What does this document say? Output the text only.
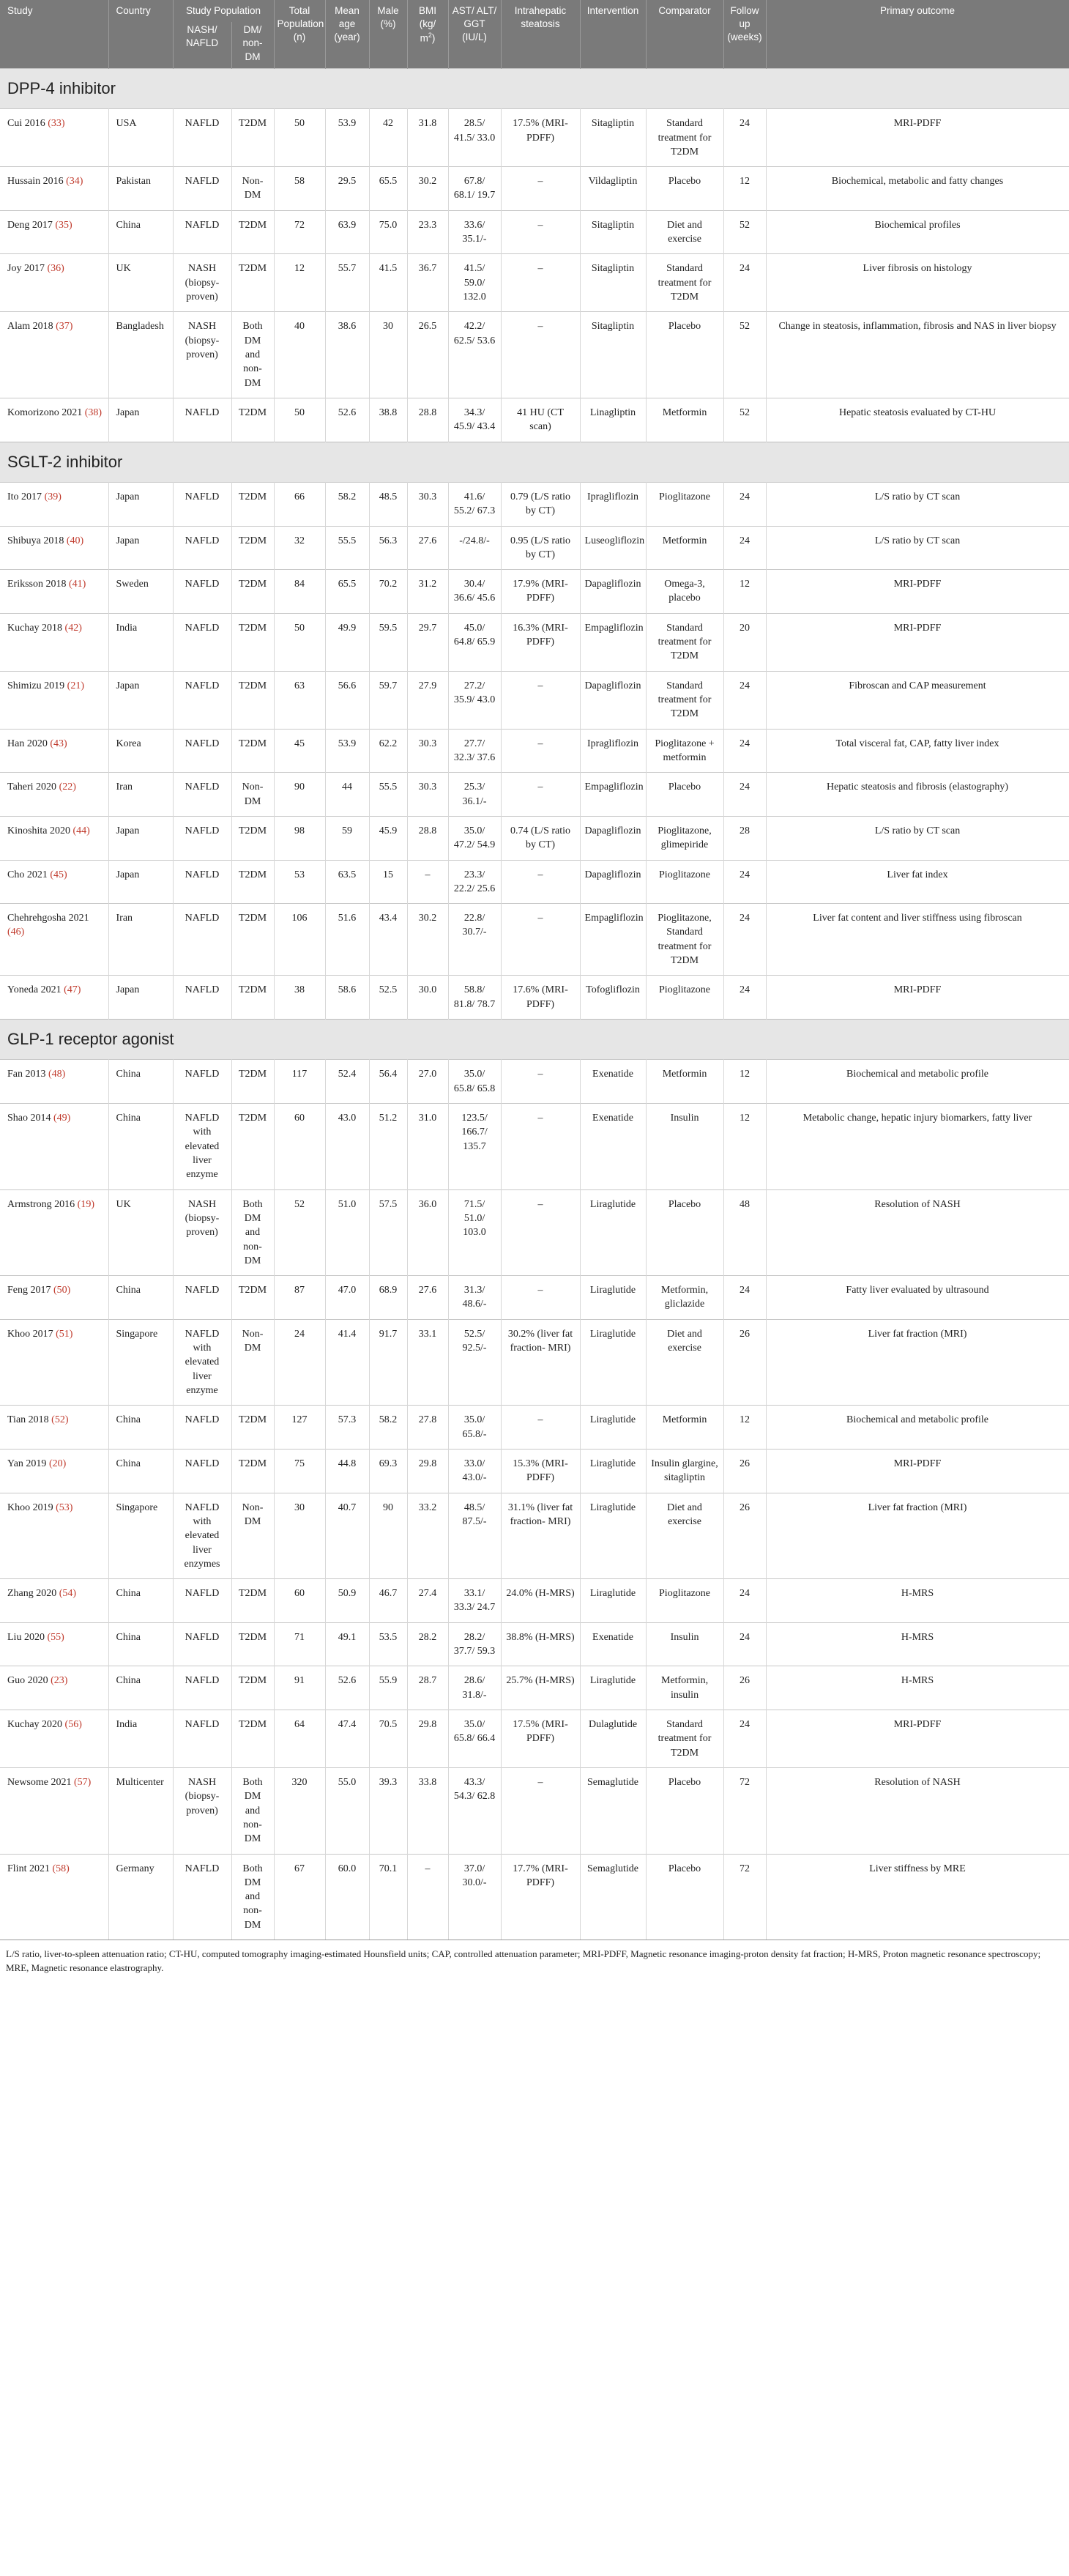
Study	Country	Study Population		Total Population (n)	Mean age (year)	Male (%)	BMI (kg/ $m^2$)	AST/ ALT/ GGT (IU/L)	Intrahepatic steatosis	Intervention	Comparator	Follow up (weeks)	Primary outcome
		NASH/ NAFLD	DM/ non- DM										
DPP-4 inhibitor													
Cui 2016 (33)	USA	NAFLD	T2DM	50	53.9	42	31.8	28.5/ 41.5/ 33.0	17.5% (MRI-PDFF)	Sitagliptin	Standard treatment for T2DM	24	MRI-PDFF
Hussain 2016 (34)	Pakistan	NAFLD	Non- DM	58	29.5	65.5	30.2	67.8/ 68.1/ 19.7	–	Vildagliptin	Placebo	12	Biochemical, metabolic and fatty changes
Deng 2017 (35)	China	NAFLD	T2DM	72	63.9	75.0	23.3	33.6/ 35.1/-	–	Sitagliptin	Diet and exercise	52	Biochemical profiles
Joy 2017 (36)	UK	NASH (biopsy- proven)	T2DM	12	55.7	41.5	36.7	41.5/ 59.0/ 132.0	–	Sitagliptin	Standard treatment for T2DM	24	Liver fibrosis on histology
Alam 2018 (37)	Bangladesh	NASH (biopsy- proven)	Both DM and non- DM	40	38.6	30	26.5	42.2/ 62.5/ 53.6	–	Sitagliptin	Placebo	52	Change in steatosis, inflammation, fibrosis and NAS in liver biopsy
Komorizono 2021 (38)	Japan	NAFLD	T2DM	50	52.6	38.8	28.8	34.3/ 45.9/ 43.4	41 HU (CT scan)	Linagliptin	Metformin	52	Hepatic steatosis evaluated by CT-HU
SGLT-2 inhibitor													
Ito 2017 (39)	Japan	NAFLD	T2DM	66	58.2	48.5	30.3	41.6/ 55.2/ 67.3	0.79 (L/S ratio by CT)	Ipragliflozin	Pioglitazone	24	L/S ratio by CT scan
Shibuya 2018 (40)	Japan	NAFLD	T2DM	32	55.5	56.3	27.6	-/24.8/-	0.95 (L/S ratio by CT)	Luseogliflozin	Metformin	24	L/S ratio by CT scan
Eriksson 2018 (41)	Sweden	NAFLD	T2DM	84	65.5	70.2	31.2	30.4/ 36.6/ 45.6	17.9% (MRI-PDFF)	Dapagliflozin	Omega-3, placebo	12	MRI-PDFF
Kuchay 2018 (42)	India	NAFLD	T2DM	50	49.9	59.5	29.7	45.0/ 64.8/ 65.9	16.3% (MRI-PDFF)	Empagliflozin	Standard treatment for T2DM	20	MRI-PDFF
Shimizu 2019 (21)	Japan	NAFLD	T2DM	63	56.6	59.7	27.9	27.2/ 35.9/ 43.0	–	Dapagliflozin	Standard treatment for T2DM	24	Fibroscan and CAP measurement
Han 2020 (43)	Korea	NAFLD	T2DM	45	53.9	62.2	30.3	27.7/ 32.3/ 37.6	–	Ipragliflozin	Pioglitazone + metformin	24	Total visceral fat, CAP, fatty liver index
Taheri 2020 (22)	Iran	NAFLD	Non- DM	90	44	55.5	30.3	25.3/ 36.1/-	–	Empagliflozin	Placebo	24	Hepatic steatosis and fibrosis (elastography)
Kinoshita 2020 (44)	Japan	NAFLD	T2DM	98	59	45.9	28.8	35.0/ 47.2/ 54.9	0.74 (L/S ratio by CT)	Dapagliflozin	Pioglitazone, glimepiride	28	L/S ratio by CT scan
Cho 2021 (45)	Japan	NAFLD	T2DM	53	63.5	15	–	23.3/ 22.2/ 25.6	–	Dapagliflozin	Pioglitazone	24	Liver fat index
Chehrehgosha 2021 (46)	Iran	NAFLD	T2DM	106	51.6	43.4	30.2	22.8/ 30.7/-	–	Empagliflozin	Pioglitazone, Standard treatment for T2DM	24	Liver fat content and liver stiffness using fibroscan
Yoneda 2021 (47)	Japan	NAFLD	T2DM	38	58.6	52.5	30.0	58.8/ 81.8/ 78.7	17.6% (MRI-PDFF)	Tofogliflozin	Pioglitazone	24	MRI-PDFF
GLP-1 receptor agonist													
Fan 2013 (48)	China	NAFLD	T2DM	117	52.4	56.4	27.0	35.0/ 65.8/ 65.8	–	Exenatide	Metformin	12	Biochemical and metabolic profile
Shao 2014 (49)	China	NAFLD with elevated liver enzyme	T2DM	60	43.0	51.2	31.0	123.5/ 166.7/ 135.7	–	Exenatide	Insulin	12	Metabolic change, hepatic injury biomarkers, fatty liver
Armstrong 2016 (19)	UK	NASH (biopsy- proven)	Both DM and non- DM	52	51.0	57.5	36.0	71.5/ 51.0/ 103.0	–	Liraglutide	Placebo	48	Resolution of NASH
Feng 2017 (50)	China	NAFLD	T2DM	87	47.0	68.9	27.6	31.3/ 48.6/-	–	Liraglutide	Metformin, gliclazide	24	Fatty liver evaluated by ultrasound
Khoo 2017 (51)	Singapore	NAFLD with elevated liver enzyme	Non- DM	24	41.4	91.7	33.1	52.5/ 92.5/-	30.2% (liver fat fraction- MRI)	Liraglutide	Diet and exercise	26	Liver fat fraction (MRI)
Tian 2018 (52)	China	NAFLD	T2DM	127	57.3	58.2	27.8	35.0/ 65.8/-	–	Liraglutide	Metformin	12	Biochemical and metabolic profile
Yan 2019 (20)	China	NAFLD	T2DM	75	44.8	69.3	29.8	33.0/ 43.0/-	15.3% (MRI-PDFF)	Liraglutide	Insulin glargine, sitagliptin	26	MRI-PDFF
Khoo 2019 (53)	Singapore	NAFLD with elevated liver enzymes	Non- DM	30	40.7	90	33.2	48.5/ 87.5/-	31.1% (liver fat fraction- MRI)	Liraglutide	Diet and exercise	26	Liver fat fraction (MRI)
Zhang 2020 (54)	China	NAFLD	T2DM	60	50.9	46.7	27.4	33.1/ 33.3/ 24.7	24.0% (H-MRS)	Liraglutide	Pioglitazone	24	H-MRS
Liu 2020 (55)	China	NAFLD	T2DM	71	49.1	53.5	28.2	28.2/ 37.7/ 59.3	38.8% (H-MRS)	Exenatide	Insulin	24	H-MRS
Guo 2020 (23)	China	NAFLD	T2DM	91	52.6	55.9	28.7	28.6/ 31.8/-	25.7% (H-MRS)	Liraglutide	Metformin, insulin	26	H-MRS
Kuchay 2020 (56)	India	NAFLD	T2DM	64	47.4	70.5	29.8	35.0/ 65.8/ 66.4	17.5% (MRI-PDFF)	Dulaglutide	Standard treatment for T2DM	24	MRI-PDFF
Newsome 2021 (57)	Multicenter	NASH (biopsy- proven)	Both DM and non- DM	320	55.0	39.3	33.8	43.3/ 54.3/ 62.8	–	Semaglutide	Placebo	72	Resolution of NASH
Flint 2021 (58)	Germany	NAFLD	Both DM and non- DM	67	60.0	70.1	–	37.0/ 30.0/-	17.7% (MRI-PDFF)	Semaglutide	Placebo	72	Liver stiffness by MRE
L/S ratio, liver-to-spleen attenuation ratio; CT-HU, computed tomography imaging-estimated Hounsfield units; CAP, controlled attenuation parameter; MRI-PDFF, Magnetic resonance imaging-proton density fat fraction; H-MRS, Proton magnetic resonance spectroscopy; MRE, Magnetic resonance elastrography.
